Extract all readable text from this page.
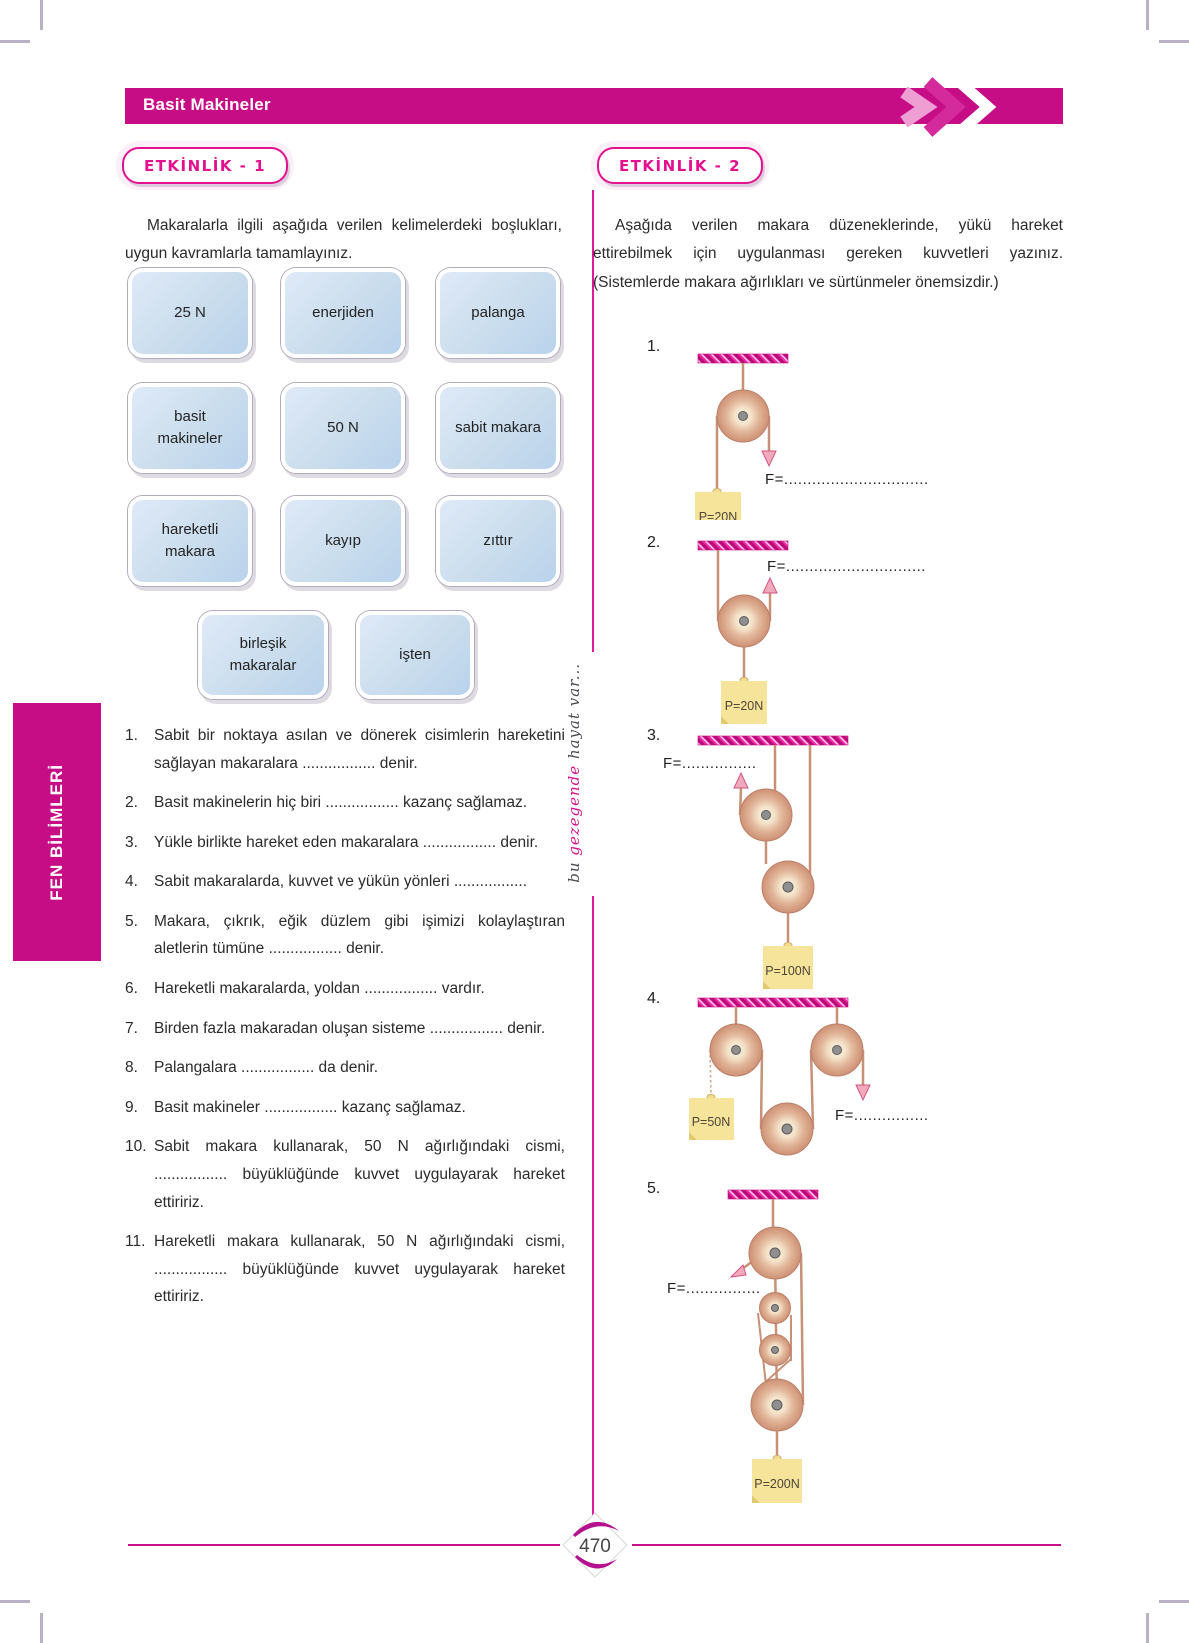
Basit Makineler
FEN BİLİMLERİ	bu gezegende hayat var...
ETKİNLİK - 1

Makaralarla ilgili aşağıda verilen kelimelerdeki boşlukları, uygun kavramlarla tamamlayınız.

25 N	enerjiden	palanga
basit makineler
50 N	sabit makara
hareketli makara
kayıp	zıttır
birleşik makaralar
işten
1.	Sabit bir noktaya asılan ve dönerek cisimlerin hareketini sağlayan makaralara ................. denir.
2.	Basit makinelerin hiç biri ................. kazanç sağlamaz.
3.	Yükle birlikte hareket eden makaralara ................. denir.
4.	Sabit makaralarda, kuvvet ve yükün yönleri .................
5.	Makara, çıkrık, eğik düzlem gibi işimizi kolaylaştıran aletlerin tümüne ................. denir.
6.	Hareketli makaralarda, yoldan ................. vardır.
7.	Birden fazla makaradan oluşan sisteme ................. denir.
8.	Palangalara ................. da denir.
9.	Basit makineler ................. kazanç sağlamaz.
10. Sabit makara kullanarak, 50 N ağırlığındaki cismi, ................. büyüklüğünde kuvvet uygulayarak hareket ettiririz.
11. Hareketli makara kullanarak, 50 N ağırlığındaki cismi, ................. büyüklüğünde kuvvet uygulayarak hareket ettiririz.
ETKİNLİK - 2

Aşağıda verilen makara düzeneklerinde, yükü hareket ettirebilmek için uygulanması gereken kuvvetleri yazınız. (Sistemlerde makara ağırlıkları ve sürtünmeler önemsizdir.)

1.
P=20N
F=...............................
2.
P=20N
F=..............................
3.
P=100N
F=................
4.
P=50N	F=................
5.
P=200N
F=................
470
